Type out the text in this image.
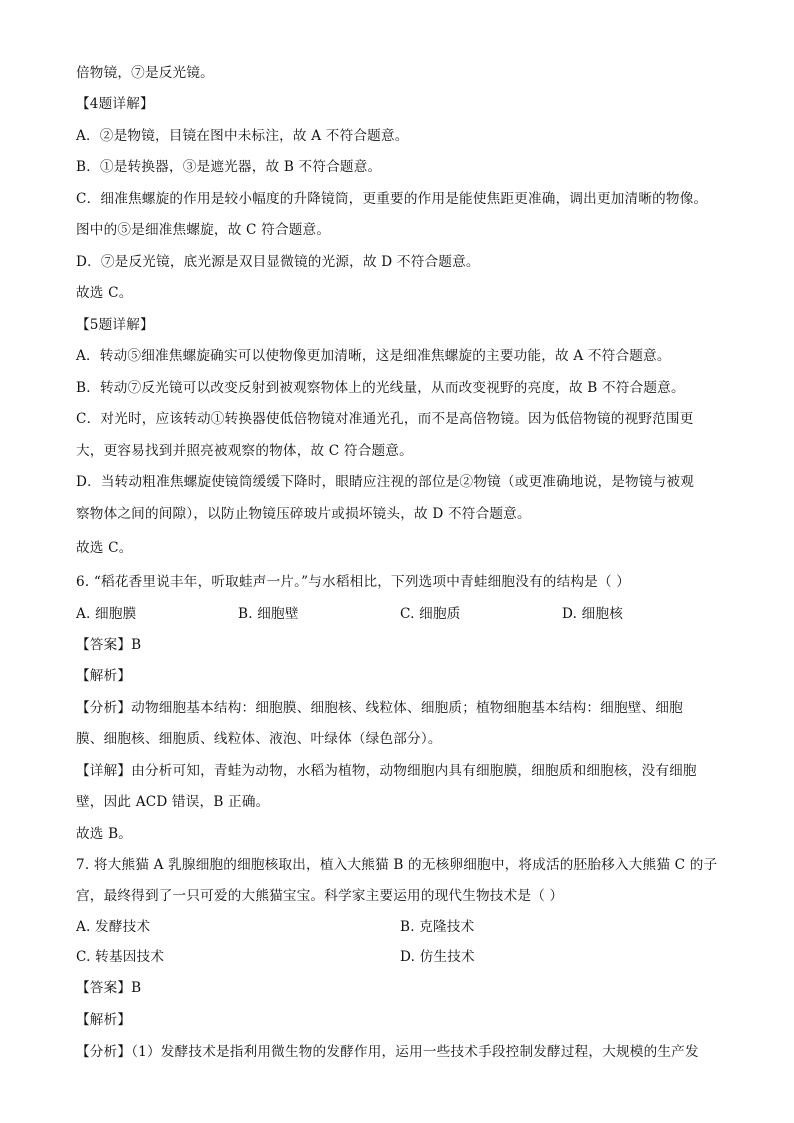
倍物镜，⑦是反光镜。
【4题详解】
A．②是物镜，目镜在图中未标注，故 A 不符合题意。
B．①是转换器，③是遮光器，故 B 不符合题意。
C．细准焦螺旋的作用是较小幅度的升降镜筒，更重要的作用是能使焦距更准确，调出更加清晰的物像。
图中的⑤是细准焦螺旋，故 C 符合题意。
D．⑦是反光镜，底光源是双目显微镜的光源，故 D 不符合题意。
故选 C。
【5题详解】
A．转动⑤细准焦螺旋确实可以使物像更加清晰，这是细准焦螺旋的主要功能，故 A 不符合题意。
B．转动⑦反光镜可以改变反射到被观察物体上的光线量，从而改变视野的亮度，故 B 不符合题意。
C．对光时，应该转动①转换器使低倍物镜对准通光孔，而不是高倍物镜。因为低倍物镜的视野范围更
大，更容易找到并照亮被观察的物体，故 C 符合题意。
D．当转动粗准焦螺旋使镜筒缓缓下降时，眼睛应注视的部位是②物镜（或更准确地说，是物镜与被观
察物体之间的间隙），以防止物镜压碎玻片或损坏镜头，故 D 不符合题意。
故选 C。
6. “稻花香里说丰年，听取蛙声一片。”与水稻相比，下列选项中青蛙细胞没有的结构是（ ）
A. 细胞膜	B. 细胞壁	C. 细胞质	D. 细胞核
【答案】B
【解析】
【分析】动物细胞基本结构：细胞膜、细胞核、线粒体、细胞质；植物细胞基本结构：细胞壁、细胞
膜、细胞核、细胞质、线粒体、液泡、叶绿体（绿色部分）。
【详解】由分析可知，青蛙为动物，水稻为植物，动物细胞内具有细胞膜，细胞质和细胞核，没有细胞
壁，因此 ACD 错误，B 正确。
故选 B。
7. 将大熊猫 A 乳腺细胞的细胞核取出，植入大熊猫 B 的无核卵细胞中，将成活的胚胎移入大熊猫 C 的子
宫，最终得到了一只可爱的大熊猫宝宝。科学家主要运用的现代生物技术是（ ）
A. 发酵技术	B. 克隆技术
C. 转基因技术	D. 仿生技术
【答案】B
【解析】
【分析】（1）发酵技术是指利用微生物的发酵作用，运用一些技术手段控制发酵过程，大规模的生产发
